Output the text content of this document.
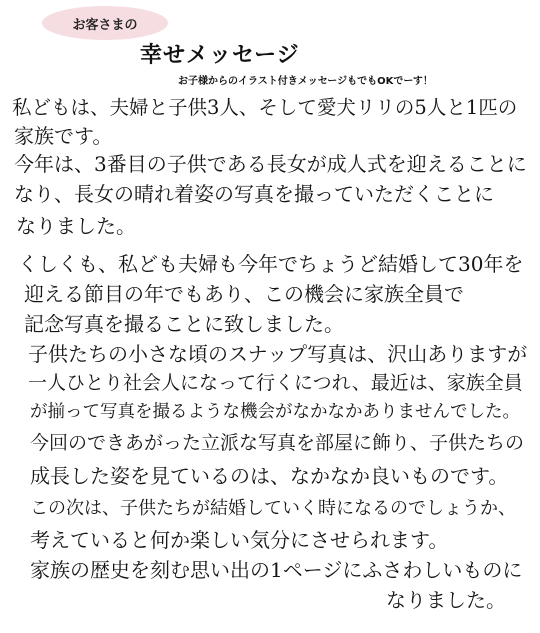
お客さまの
幸せメッセージ
お子様からのイラスト付きメッセージもでもOKでーす！
私どもは、夫婦と子供3人、そして愛犬リリの5人と1匹の
家族です。
今年は、3番目の子供である長女が成人式を迎えることに
なり、長女の晴れ着姿の写真を撮っていただくことに
なりました。
くしくも、私ども夫婦も今年でちょうど結婚して30年を
迎える節目の年でもあり、この機会に家族全員で
記念写真を撮ることに致しました。
子供たちの小さな頃のスナップ写真は、沢山ありますが
一人ひとり社会人になって行くにつれ、最近は、家族全員
が揃って写真を撮るような機会がなかなかありませんでした。
今回のできあがった立派な写真を部屋に飾り、子供たちの
成長した姿を見ているのは、なかなか良いものです。
この次は、子供たちが結婚していく時になるのでしょうか、
考えていると何か楽しい気分にさせられます。
家族の歴史を刻む思い出の1ページにふさわしいものに
なりました。
